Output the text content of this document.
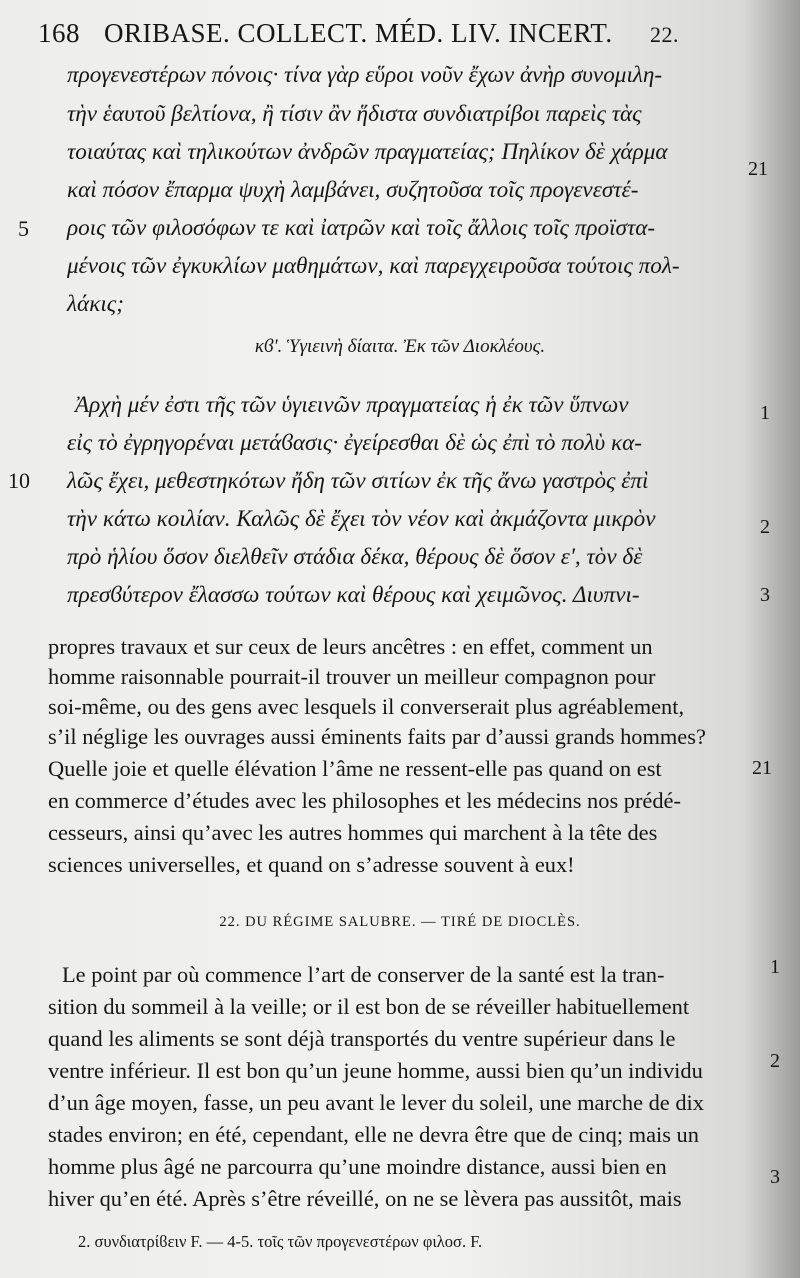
168 ORIBASE. COLLECT. MÉD. LIV. INCERT. 22.
προγενεστέρων πόνοις· τίνα γὰρ εὕροι νοῦν ἔχων ἀνὴρ συνομιλη-
τὴν ἑαυτοῦ βελτίονα, ἢ τίσιν ἂν ἥδιστα συνδιατρίβοι παρεὶς τὰς
τοιαύτας καὶ τηλικούτων ἀνδρῶν πραγματείας; Πηλίκον δὲ χάρμα
καὶ πόσον ἔπαρμα ψυχὴ λαμβάνει, συζητοῦσα τοῖς προγενεστέ-
ροις τῶν φιλοσόφων τε καὶ ἰατρῶν καὶ τοῖς ἄλλοις τοῖς προϊστα-
μένοις τῶν ἐγκυκλίων μαθημάτων, καὶ παρεγχειροῦσα τούτοις πολ-
λάκις;
κϐʹ. Ὑγιεινὴ δίαιτα. Ἐκ τῶν Διοκλέους.
Ἀρχὴ μέν ἐστι τῆς τῶν ὑγιεινῶν πραγματείας ἡ ἐκ τῶν ὕπνων
εἰς τὸ ἐγρηγορέναι μετάϐασις· ἐγείρεσθαι δὲ ὡς ἐπὶ τὸ πολὺ κα-
λῶς ἔχει, μεθεστηκότων ἤδη τῶν σιτίων ἐκ τῆς ἄνω γαστρὸς ἐπὶ
τὴν κάτω κοιλίαν. Καλῶς δὲ ἔχει τὸν νέον καὶ ἀκμάζοντα μικρὸν
πρὸ ἡλίου ὅσον διελθεῖν στάδια δέκα, θέρους δὲ ὅσον εʹ, τὸν δὲ
πρεσϐύτερον ἔλασσω τούτων καὶ θέρους καὶ χειμῶνος. Διυπνι-
5
10
21
1
2
3
propres travaux et sur ceux de leurs ancêtres : en effet, comment un
homme raisonnable pourrait-il trouver un meilleur compagnon pour
soi-même, ou des gens avec lesquels il converserait plus agréablement,
s’il néglige les ouvrages aussi éminents faits par d’aussi grands hommes?
Quelle joie et quelle élévation l’âme ne ressent-elle pas quand on est
en commerce d’études avec les philosophes et les médecins nos prédé-
cesseurs, ainsi qu’avec les autres hommes qui marchent à la tête des
sciences universelles, et quand on s’adresse souvent à eux!
22. DU RÉGIME SALUBRE. — TIRÉ DE DIOCLÈS.
Le point par où commence l’art de conserver de la santé est la tran-
sition du sommeil à la veille; or il est bon de se réveiller habituellement
quand les aliments se sont déjà transportés du ventre supérieur dans le
ventre inférieur. Il est bon qu’un jeune homme, aussi bien qu’un individu
d’un âge moyen, fasse, un peu avant le lever du soleil, une marche de dix
stades environ; en été, cependant, elle ne devra être que de cinq; mais un
homme plus âgé ne parcourra qu’une moindre distance, aussi bien en
hiver qu’en été. Après s’être réveillé, on ne se lèvera pas aussitôt, mais
21
1
2
3
2. συνδιατρίϐειν F. — 4-5. τοῖς τῶν προγενεστέρων φιλοσ. F.
